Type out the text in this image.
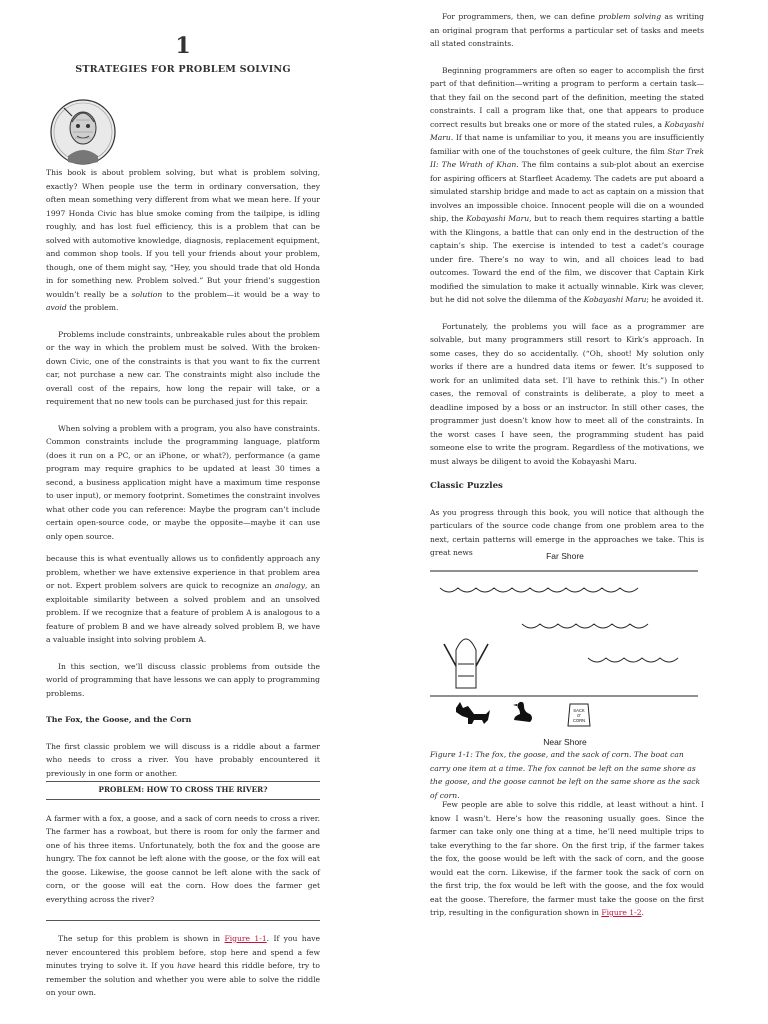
1
STRATEGIES FOR PROBLEM SOLVING

This book is about problem solving, but what is problem solving, exactly? When people use the term in ordinary conversation, they often mean something very different from what we mean here. If your 1997 Honda Civic has blue smoke coming from the tailpipe, is idling roughly, and has lost fuel efficiency, this is a problem that can be solved with automotive knowledge, diagnosis, replacement equipment, and common shop tools. If you tell your friends about your problem, though, one of them might say, “Hey, you should trade that old Honda in for something new. Problem solved.” But your friend’s suggestion wouldn’t really be a solution to the problem—it would be a way to avoid the problem.

Problems include constraints, unbreakable rules about the problem or the way in which the problem must be solved. With the broken-down Civic, one of the constraints is that you want to fix the current car, not purchase a new car. The constraints might also include the overall cost of the repairs, how long the repair will take, or a requirement that no new tools can be purchased just for this repair.

When solving a problem with a program, you also have constraints. Common constraints include the programming language, platform (does it run on a PC, or an iPhone, or what?), performance (a game program may require graphics to be updated at least 30 times a second, a business application might have a maximum time response to user input), or memory footprint. Sometimes the constraint involves what other code you can reference: Maybe the program can’t include certain open-source code, or maybe the opposite—maybe it can use only open source.

because this is what eventually allows us to confidently approach any problem, whether we have extensive experience in that problem area or not. Expert problem solvers are quick to recognize an analogy, an exploitable similarity between a solved problem and an unsolved problem. If we recognize that a feature of problem A is analogous to a feature of problem B and we have already solved problem B, we have a valuable insight into solving problem A.

In this section, we’ll discuss classic problems from outside the world of programming that have lessons we can apply to programming problems.

The Fox, the Goose, and the Corn

The first classic problem we will discuss is a riddle about a farmer who needs to cross a river. You have probably encountered it previously in one form or another.

PROBLEM: HOW TO CROSS THE RIVER?
A farmer with a fox, a goose, and a sack of corn needs to cross a river. The farmer has a rowboat, but there is room for only the farmer and one of his three items. Unfortunately, both the fox and the goose are hungry. The fox cannot be left alone with the goose, or the fox will eat the goose. Likewise, the goose cannot be left alone with the sack of corn, or the goose will eat the corn. How does the farmer get everything across the river?

The setup for this problem is shown in Figure 1-1. If you have never encountered this problem before, stop here and spend a few minutes trying to solve it. If you have heard this riddle before, try to remember the solution and whether you were able to solve the riddle on your own.

For programmers, then, we can define problem solving as writing an original program that performs a particular set of tasks and meets all stated constraints.

Beginning programmers are often so eager to accomplish the first part of that definition—writing a program to perform a certain task—that they fail on the second part of the definition, meeting the stated constraints. I call a program like that, one that appears to produce correct results but breaks one or more of the stated rules, a Kobayashi Maru. If that name is unfamiliar to you, it means you are insufficiently familiar with one of the touchstones of geek culture, the film Star Trek II: The Wrath of Khan. The film contains a sub-plot about an exercise for aspiring officers at Starfleet Academy. The cadets are put aboard a simulated starship bridge and made to act as captain on a mission that involves an impossible choice. Innocent people will die on a wounded ship, the Kobayashi Maru, but to reach them requires starting a battle with the Klingons, a battle that can only end in the destruction of the captain’s ship. The exercise is intended to test a cadet’s courage under fire. There’s no way to win, and all choices lead to bad outcomes. Toward the end of the film, we discover that Captain Kirk modified the simulation to make it actually winnable. Kirk was clever, but he did not solve the dilemma of the Kobayashi Maru; he avoided it.

Fortunately, the problems you will face as a programmer are solvable, but many programmers still resort to Kirk’s approach. In some cases, they do so accidentally. (“Oh, shoot! My solution only works if there are a hundred data items or fewer. It’s supposed to work for an unlimited data set. I’ll have to rethink this.”) In other cases, the removal of constraints is deliberate, a ploy to meet a deadline imposed by a boss or an instructor. In still other cases, the programmer just doesn’t know how to meet all of the constraints. In the worst cases I have seen, the programming student has paid someone else to write the program. Regardless of the motivations, we must always be diligent to avoid the Kobayashi Maru.

Classic Puzzles

As you progress through this book, you will notice that although the particulars of the source code change from one problem area to the next, certain patterns will emerge in the approaches we take. This is great news	Far Shore
SACK
O'
CORN
Near Shore
Figure 1-1: The fox, the goose, and the sack of corn. The boat can carry one item at a time. The fox cannot be left on the same shore as the goose, and the goose cannot be left on the same shore as the sack of corn.

Few people are able to solve this riddle, at least without a hint. I know I wasn’t. Here’s how the reasoning usually goes. Since the farmer can take only one thing at a time, he’ll need multiple trips to take everything to the far shore. On the first trip, if the farmer takes the fox, the goose would be left with the sack of corn, and the goose would eat the corn. Likewise, if the farmer took the sack of corn on the first trip, the fox would be left with the goose, and the fox would eat the goose. Therefore, the farmer must take the goose on the first trip, resulting in the configuration shown in Figure 1-2.
